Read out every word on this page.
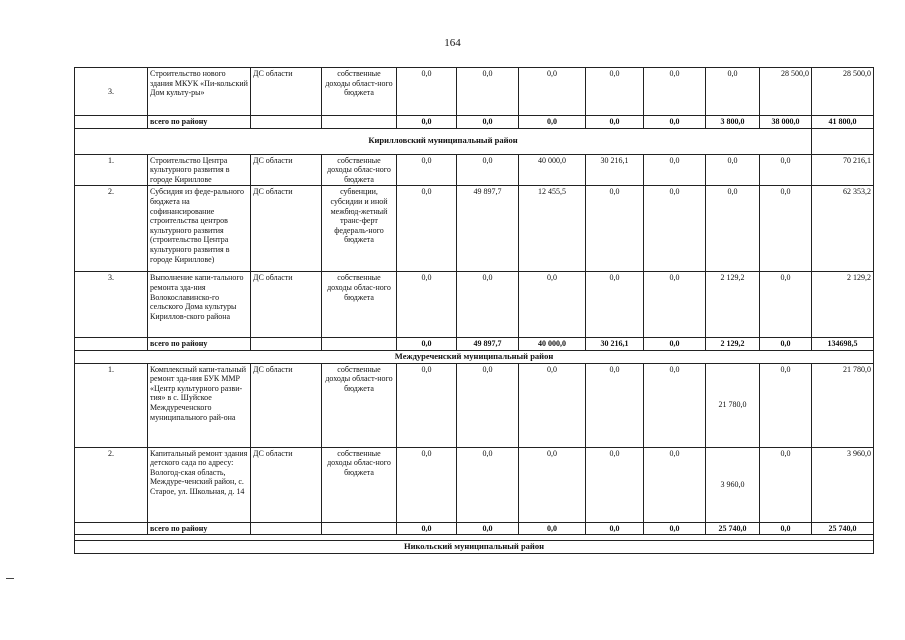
164
3.	Строительство нового здания МКУК «Пи-кольский Дом культу-ры»	ДС области	собственные доходы област-ного бюджета	0,0	0,0	0,0	0,0	0,0	0,0	28 500,0	28 500,0
	всего по району			0,0	0,0	0,0	0,0	0,0	3 800,0	38 000,0	41 800,0
Кирилловский муниципальный район											
1.	Строительство Центра культурного развития в городе Кириллове	ДС области	собственные доходы облас-ного бюджета	0,0	0,0	40 000,0	30 216,1	0,0	0,0	0,0	70 216,1
2.	Субсидия из феде-рального бюджета на софинансирование строительства центров культурного развития (строительство Центра культурного развития в городе Кириллове)	ДС области	субвенции, субсидии и иной межбюд-жетный транс-ферт федераль-ного бюджета	0,0	49 897,7	12 455,5	0,0	0,0	0,0	0,0	62 353,2
3.	Выполнение капи-тального ремонта зда-ния Волокославинско-го сельского Дома культуры Кириллов-ского района	ДС области	собственные доходы облас-ного бюджета	0,0	0,0	0,0	0,0	0,0	2 129,2	0,0	2 129,2
	всего по району			0,0	49 897,7	40 000,0	30 216,1	0,0	2 129,2	0,0	134698,5
Междуреченский муниципальный район											
1.	Комплексный капи-тальный ремонт зда-ния БУК ММР «Центр культурного разви-тия» в с. Шуйское Междуреченского муниципального рай-она	ДС области	собственные доходы област-ного бюджета	0,0	0,0	0,0	0,0	0,0	21 780,0	0,0	21 780,0
2.	Капитальный ремонт здания детского сада по адресу: Вологод-ская область, Междуре-ченский район, с. Старое, ул. Школьная, д. 14	ДС области	собственные доходы облас-ного бюджета	0,0	0,0	0,0	0,0	0,0	3 960,0	0,0	3 960,0
	всего по району			0,0	0,0	0,0	0,0	0,0	25 740,0	0,0	25 740,0

Никольский муниципальный район											
